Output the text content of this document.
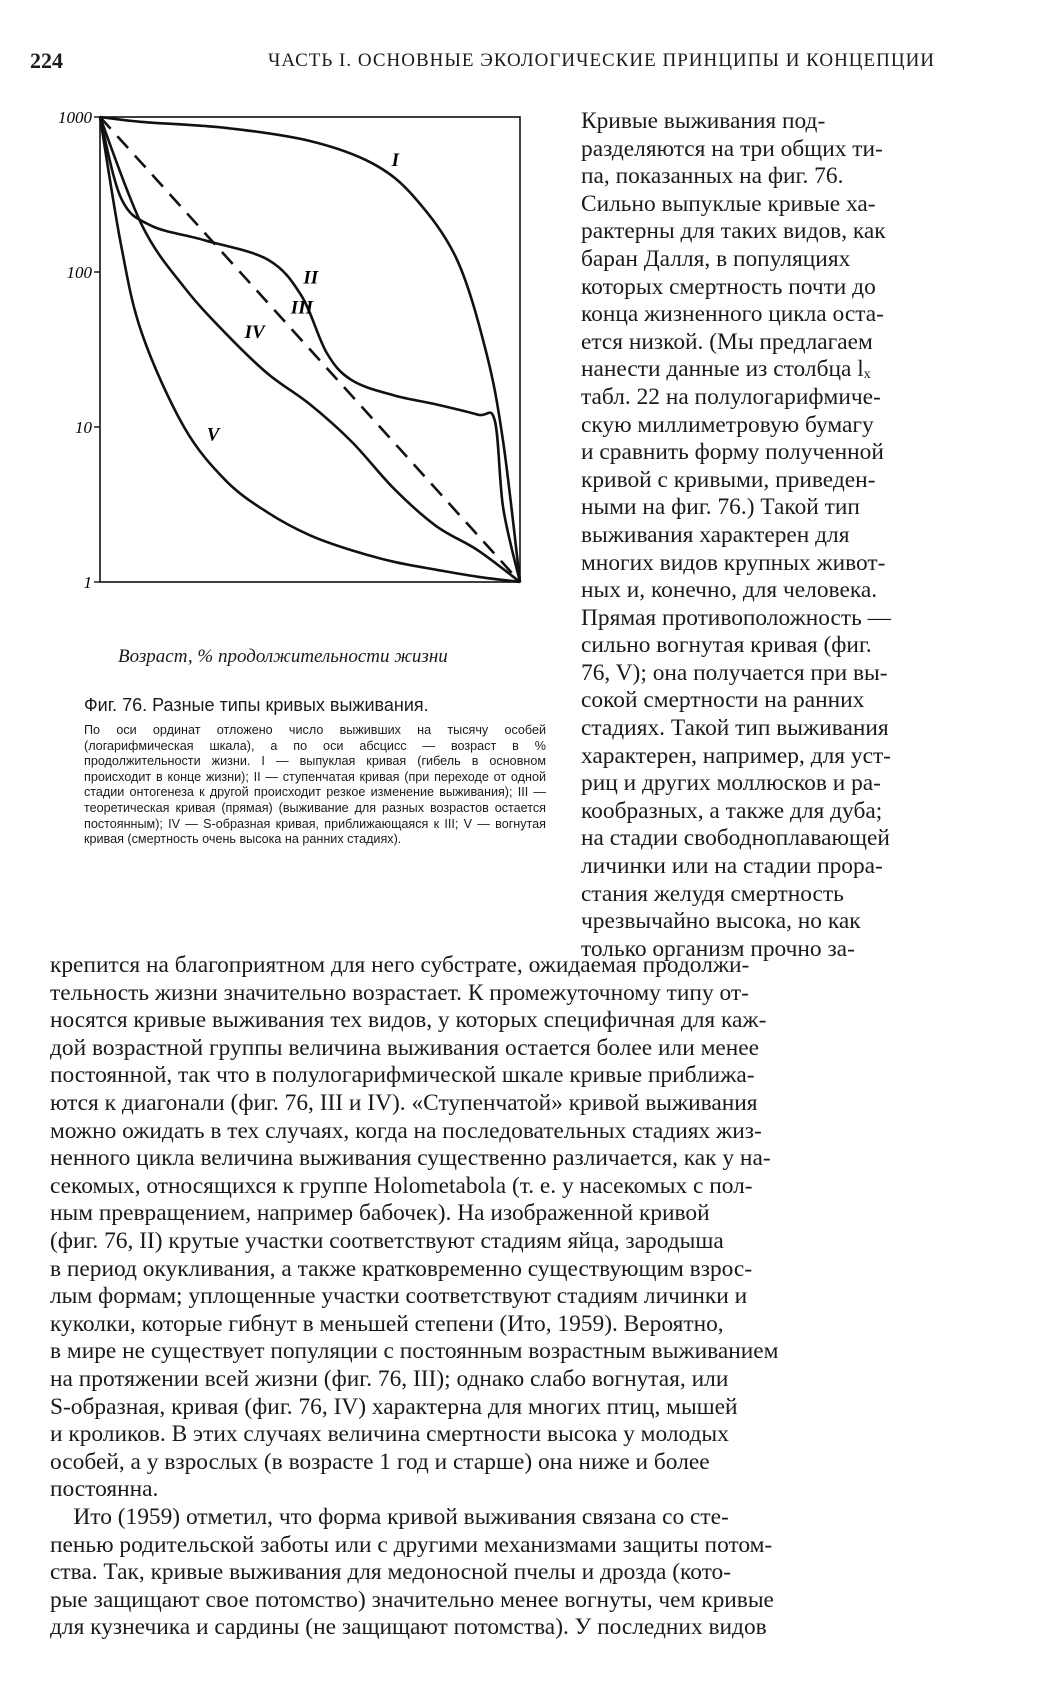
224	ЧАСТЬ I. ОСНОВНЫЕ ЭКОЛОГИЧЕСКИЕ ПРИНЦИПЫ И КОНЦЕПЦИИ
1000
100
10
1
I
II
III
IV
V
Возраст, % продолжительности жизни
Фиг. 76. Разные типы кривых выживания.
По оси ординат отложено число выживших на тысячу особей (логарифмическая шкала), а по оси абсцисс — возраст в % продолжительности жизни. I — выпуклая кривая (гибель в основном происходит в конце жизни); II — ступенчатая кривая (при переходе от одной стадии онтогенеза к другой происходит резкое изменение выживания); III — теоретическая кривая (прямая) (выживание для разных возрастов остается постоянным); IV — S-образная кривая, приближающаяся к III; V — вогнутая кривая (смертность очень высока на ранних стадиях).
Кривые выживания под-
разделяются на три общих ти-
па, показанных на фиг. 76.
Сильно выпуклые кривые ха-
рактерны для таких видов, как
баран Далля, в популяциях
которых смертность почти до
конца жизненного цикла оста-
ется низкой. (Мы предлагаем
нанести данные из столбца lₓ
табл. 22 на полулогарифмиче-
скую миллиметровую бумагу
и сравнить форму полученной
кривой с кривыми, приведен-
ными на фиг. 76.) Такой тип
выживания характерен для
многих видов крупных живот-
ных и, конечно, для человека.
Прямая противоположность —
сильно вогнутая кривая (фиг.
76, V); она получается при вы-
сокой смертности на ранних
стадиях. Такой тип выживания
характерен, например, для уст-
риц и других моллюсков и ра-
кообразных, а также для дуба;
на стадии свободноплавающей
личинки или на стадии прора-
стания желудя смертность
чрезвычайно высока, но как
только организм прочно за-
крепится на благоприятном для него субстрате, ожидаемая продолжи-
тельность жизни значительно возрастает. К промежуточному типу от-
носятся кривые выживания тех видов, у которых специфичная для каж-
дой возрастной группы величина выживания остается более или менее
постоянной, так что в полулогарифмической шкале кривые приближа-
ются к диагонали (фиг. 76, III и IV). «Ступенчатой» кривой выживания
можно ожидать в тех случаях, когда на последовательных стадиях жиз-
ненного цикла величина выживания существенно различается, как у на-
секомых, относящихся к группе Holometabola (т. е. у насекомых с пол-
ным превращением, например бабочек). На изображенной кривой
(фиг. 76, II) крутые участки соответствуют стадиям яйца, зародыша
в период окукливания, а также кратковременно существующим взрос-
лым формам; уплощенные участки соответствуют стадиям личинки и
куколки, которые гибнут в меньшей степени (Ито, 1959). Вероятно,
в мире не существует популяции с постоянным возрастным выживанием
на протяжении всей жизни (фиг. 76, III); однако слабо вогнутая, или
S-образная, кривая (фиг. 76, IV) характерна для многих птиц, мышей
и кроликов. В этих случаях величина смертности высока у молодых
особей, а у взрослых (в возрасте 1 год и старше) она ниже и более
постоянна.
Ито (1959) отметил, что форма кривой выживания связана со сте-
пенью родительской заботы или с другими механизмами защиты потом-
ства. Так, кривые выживания для медоносной пчелы и дрозда (кото-
рые защищают свое потомство) значительно менее вогнуты, чем кривые
для кузнечика и сардины (не защищают потомства). У последних видов
